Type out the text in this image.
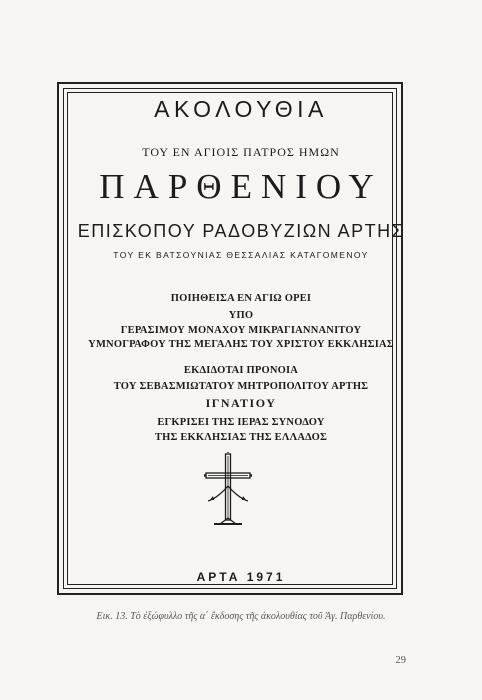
ΑΚΟΛΟΥΘΙΑ
ΤΟΥ ΕΝ ΑΓΙΟΙΣ ΠΑΤΡΟΣ ΗΜΩΝ
ΠΑΡΘΕΝΙΟΥ
ΕΠΙΣΚΟΠΟΥ ΡΑΔΟΒΥΖΙΩΝ ΑΡΤΗΣ
ΤΟΥ ΕΚ ΒΑΤΣΟΥΝΙΑΣ ΘΕΣΣΑΛΙΑΣ ΚΑΤΑΓΟΜΕΝΟΥ
ΠΟΙΗΘΕΙΣΑ ΕΝ ΑΓΙΩ ΟΡΕΙ
ΥΠΟ
ΓΕΡΑΣΙΜΟΥ ΜΟΝΑΧΟΥ ΜΙΚΡΑΓΙΑΝΝΑΝΙΤΟΥ
ΥΜΝΟΓΡΑΦΟΥ ΤΗΣ ΜΕΓΑΛΗΣ ΤΟΥ ΧΡΙΣΤΟΥ ΕΚΚΛΗΣΙΑΣ
ΕΚΔΙΔΟΤΑΙ ΠΡΟΝΟΙΑ
ΤΟΥ ΣΕΒΑΣΜΙΩΤΑΤΟΥ ΜΗΤΡΟΠΟΛΙΤΟΥ ΑΡΤΗΣ
ΙΓΝΑΤΙΟΥ
ΕΓΚΡΙΣΕΙ ΤΗΣ ΙΕΡΑΣ ΣΥΝΟΔΟΥ
ΤΗΣ ΕΚΚΛΗΣΙΑΣ ΤΗΣ ΕΛΛΑΔΟΣ
ΑΡΤΑ 1971
Εικ. 13. Τὸ ἐξώφυλλο τῆς α΄ ἔκδοσης τῆς ἀκολουθίας τοῦ Ἁγ. Παρθενίου.
29
